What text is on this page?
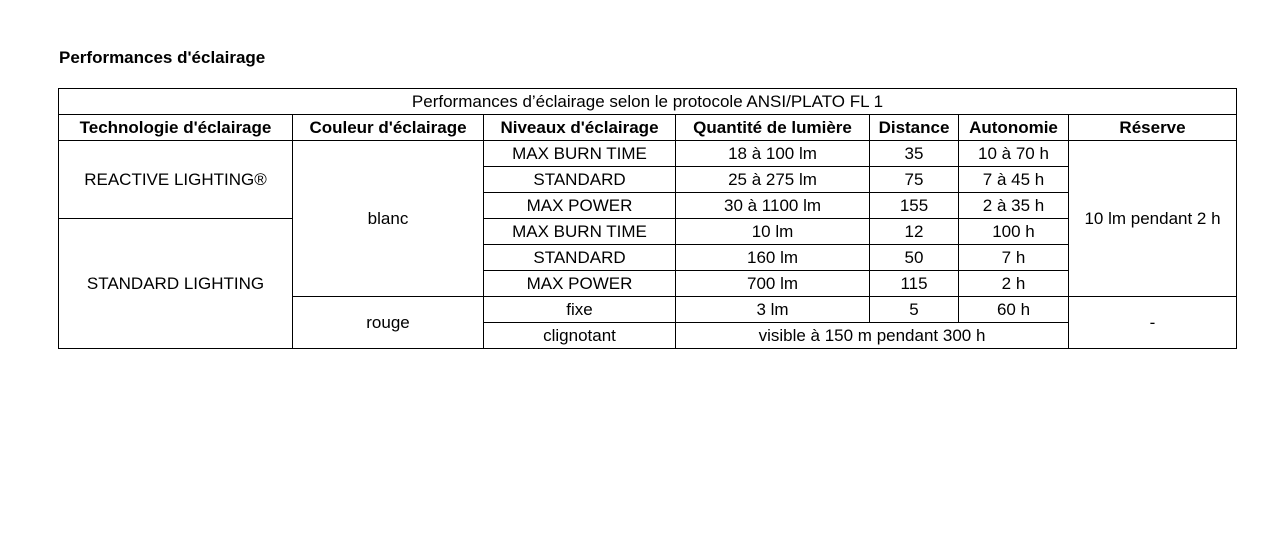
Performances d'éclairage
Performances d’éclairage selon le protocole ANSI/PLATO FL 1						
Technologie d'éclairage	Couleur d'éclairage	Niveaux d'éclairage	Quantité de lumière	Distance	Autonomie	Réserve
REACTIVE LIGHTING®	blanc	MAX BURN TIME	18 à 100 lm	35	10 à 70 h	10 lm pendant 2 h
		STANDARD	25 à 275 lm	75	7 à 45 h	
		MAX POWER	30 à 1100 lm	155	2 à 35 h	
STANDARD LIGHTING		MAX BURN TIME	10 lm	12	100 h	
		STANDARD	160 lm	50	7 h	
		MAX POWER	700 lm	115	2 h	
	rouge	fixe	3 lm	5	60 h	-
		clignotant	visible à 150 m pendant 300 h			
